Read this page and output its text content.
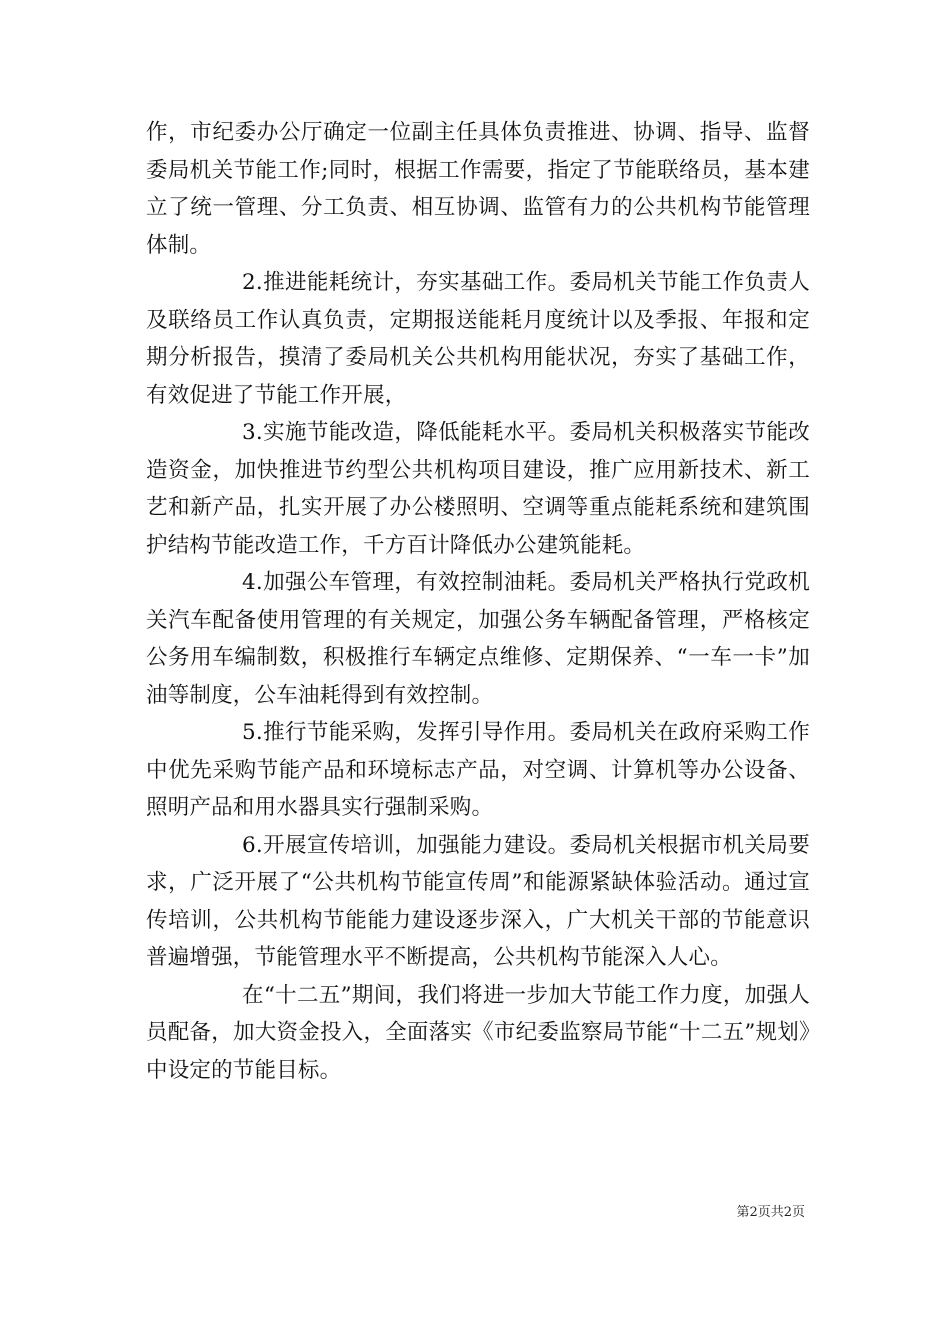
作，市纪委办公厅确定一位副主任具体负责推进、协调、指导、监督委局机关节能工作;同时，根据工作需要，指定了节能联络员，基本建立了统一管理、分工负责、相互协调、监管有力的公共机构节能管理体制。

2.推进能耗统计，夯实基础工作。委局机关节能工作负责人及联络员工作认真负责，定期报送能耗月度统计以及季报、年报和定期分析报告，摸清了委局机关公共机构用能状况，夯实了基础工作，有效促进了节能工作开展，

3.实施节能改造，降低能耗水平。委局机关积极落实节能改造资金，加快推进节约型公共机构项目建设，推广应用新技术、新工艺和新产品，扎实开展了办公楼照明、空调等重点能耗系统和建筑围护结构节能改造工作，千方百计降低办公建筑能耗。

4.加强公车管理，有效控制油耗。委局机关严格执行党政机关汽车配备使用管理的有关规定，加强公务车辆配备管理，严格核定公务用车编制数，积极推行车辆定点维修、定期保养、“一车一卡”加油等制度，公车油耗得到有效控制。

5.推行节能采购，发挥引导作用。委局机关在政府采购工作中优先采购节能产品和环境标志产品，对空调、计算机等办公设备、照明产品和用水器具实行强制采购。

6.开展宣传培训，加强能力建设。委局机关根据市机关局要求，广泛开展了“公共机构节能宣传周”和能源紧缺体验活动。通过宣传培训，公共机构节能能力建设逐步深入，广大机关干部的节能意识普遍增强，节能管理水平不断提高，公共机构节能深入人心。

在“十二五”期间，我们将进一步加大节能工作力度，加强人员配备，加大资金投入，全面落实《市纪委监察局节能“十二五”规划》中设定的节能目标。

第2页共2页
